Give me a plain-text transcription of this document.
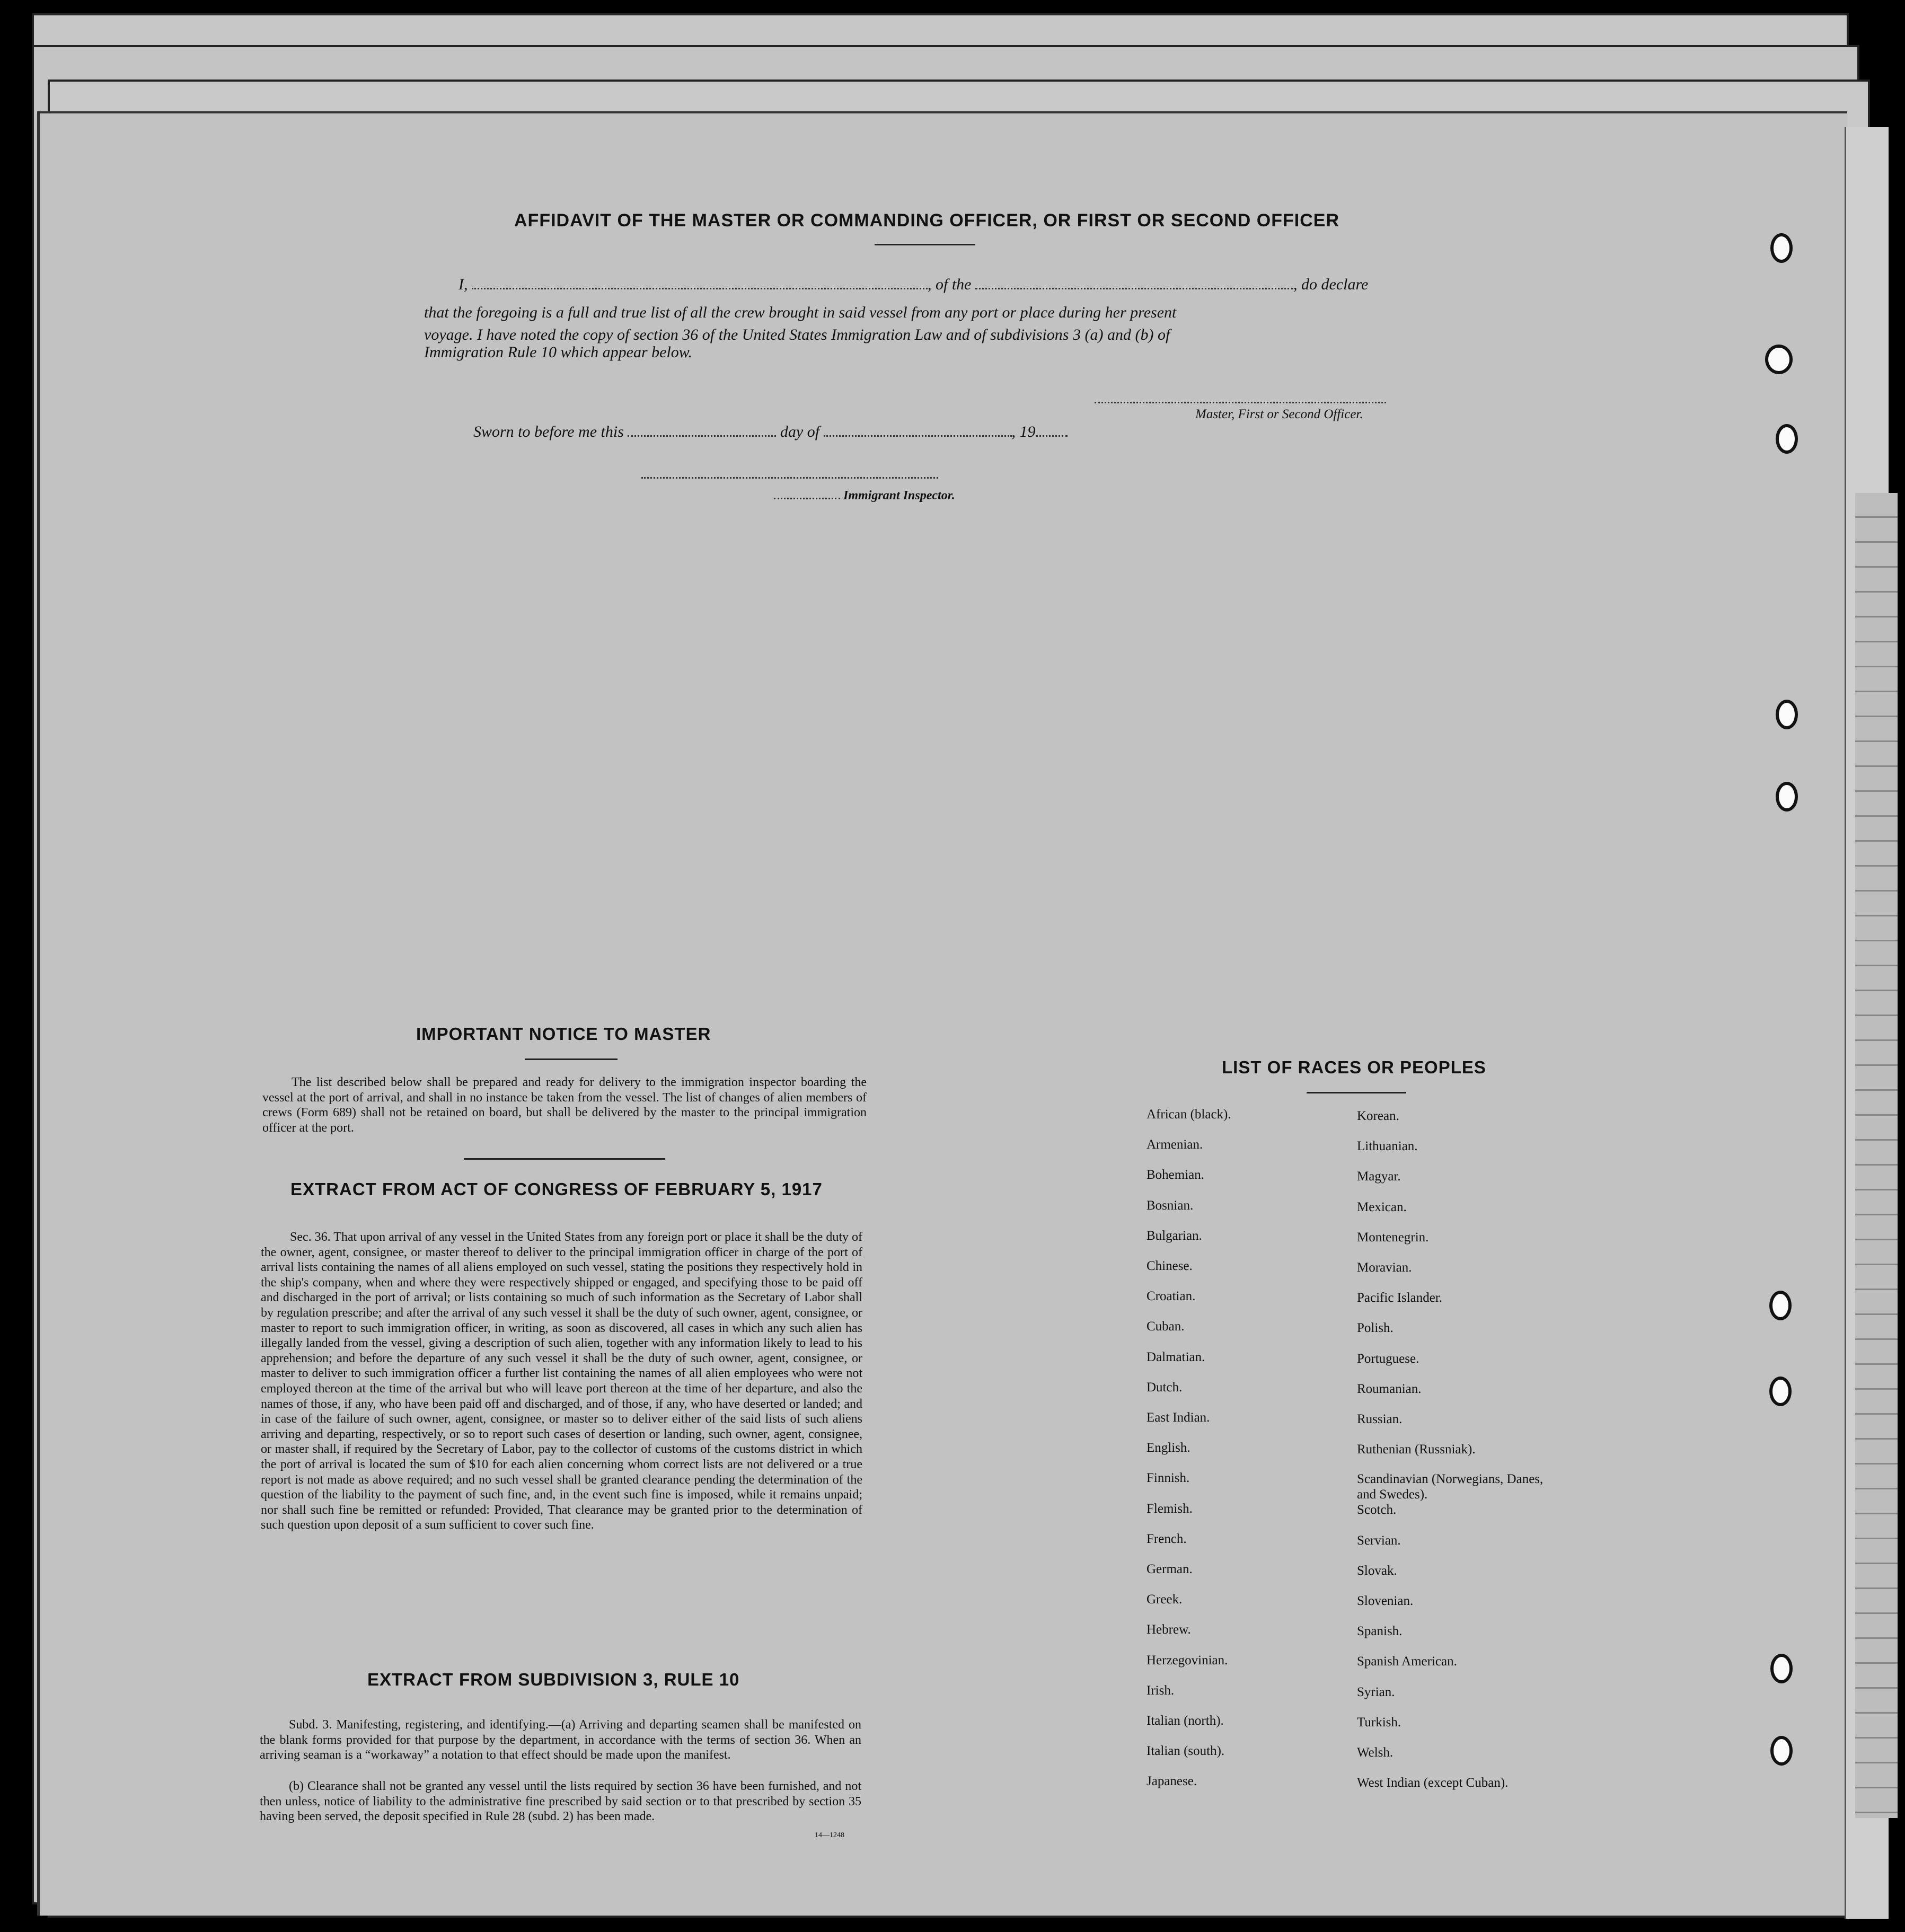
AFFIDAVIT OF THE MASTER OR COMMANDING OFFICER, OR FIRST OR SECOND OFFICER
I,	, of the	, do declare
that the foregoing is a full and true list of all the crew brought in said vessel from any port or place during her present
voyage. I have noted the copy of section 36 of the United States Immigration Law and of subdivisions 3 (a) and (b) of
Immigration Rule 10 which appear below.
Master, First or Second Officer.
Sworn to before me this	day of	, 19
Immigrant Inspector.
IMPORTANT NOTICE TO MASTER

The list described below shall be prepared and ready for delivery to the immigration inspector boarding the vessel at the port of arrival, and shall in no instance be taken from the vessel. The list of changes of alien members of crews (Form 689) shall not be retained on board, but shall be delivered by the master to the principal immigration officer at the port.

EXTRACT FROM ACT OF CONGRESS OF FEBRUARY 5, 1917

Sec. 36. That upon arrival of any vessel in the United States from any foreign port or place it shall be the duty of the owner, agent, consignee, or master thereof to deliver to the principal immigration officer in charge of the port of arrival lists containing the names of all aliens employed on such vessel, stating the positions they respectively hold in the ship's company, when and where they were respectively shipped or engaged, and specifying those to be paid off and discharged in the port of arrival; or lists containing so much of such information as the Secretary of Labor shall by regulation prescribe; and after the arrival of any such vessel it shall be the duty of such owner, agent, consignee, or master to report to such immigration officer, in writing, as soon as discovered, all cases in which any such alien has illegally landed from the vessel, giving a description of such alien, together with any information likely to lead to his apprehension; and before the departure of any such vessel it shall be the duty of such owner, agent, consignee, or master to deliver to such immigration officer a further list containing the names of all alien employees who were not employed thereon at the time of the arrival but who will leave port thereon at the time of her departure, and also the names of those, if any, who have been paid off and discharged, and of those, if any, who have deserted or landed; and in case of the failure of such owner, agent, consignee, or master so to deliver either of the said lists of such aliens arriving and departing, respectively, or so to report such cases of desertion or landing, such owner, agent, consignee, or master shall, if required by the Secretary of Labor, pay to the collector of customs of the customs district in which the port of arrival is located the sum of $10 for each alien concerning whom correct lists are not delivered or a true report is not made as above required; and no such vessel shall be granted clearance pending the determination of the question of the liability to the payment of such fine, and, in the event such fine is imposed, while it remains unpaid; nor shall such fine be remitted or refunded: Provided, That clearance may be granted prior to the determination of such question upon deposit of a sum sufficient to cover such fine.

EXTRACT FROM SUBDIVISION 3, RULE 10

Subd. 3. Manifesting, registering, and identifying.—(a) Arriving and departing seamen shall be manifested on the blank forms provided for that purpose by the department, in accordance with the terms of section 36. When an arriving seaman is a “workaway” a notation to that effect should be made upon the manifest.

(b) Clearance shall not be granted any vessel until the lists required by section 36 have been furnished, and not then unless, notice of liability to the administrative fine prescribed by said section or to that prescribed by section 35 having been served, the deposit specified in Rule 28 (subd. 2) has been made.

14—1248
LIST OF RACES OR PEOPLES
African (black).
Armenian.
Bohemian.
Bosnian.
Bulgarian.
Chinese.
Croatian.
Cuban.
Dalmatian.
Dutch.
East Indian.
English.
Finnish.
Flemish.
French.
German.
Greek.
Hebrew.
Herzegovinian.
Irish.
Italian (north).
Italian (south).
Japanese.
Korean.
Lithuanian.
Magyar.
Mexican.
Montenegrin.
Moravian.
Pacific Islander.
Polish.
Portuguese.
Roumanian.
Russian.
Ruthenian (Russniak).
Scandinavian (Norwegians, Danes, and Swedes).
Scotch.
Servian.
Slovak.
Slovenian.
Spanish.
Spanish American.
Syrian.
Turkish.
Welsh.
West Indian (except Cuban).
